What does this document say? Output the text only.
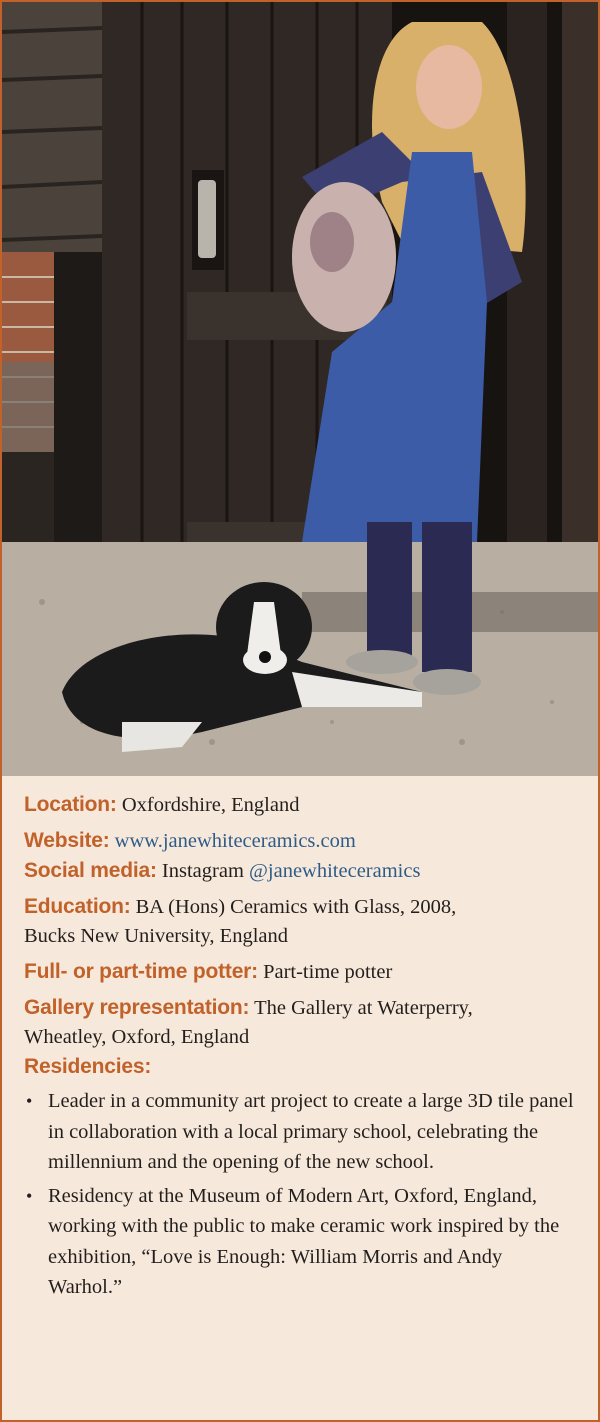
Location: Oxfordshire, England
Website: www.janewhiteceramics.com
Social media: Instagram @janewhiteceramics
Education: BA (Hons) Ceramics with Glass, 2008,
Bucks New University, England
Full- or part-time potter: Part-time potter
Gallery representation: The Gallery at Waterperry,
Wheatley, Oxford, England
Residencies:
• Leader in a community art project to create a large 3D tile panel in collaboration with a local primary school, celebrating the millennium and the opening of the new school.
• Residency at the Museum of Modern Art, Oxford, England, working with the public to make ceramic work inspired by the exhibition, “Love is Enough: William Morris and Andy Warhol.”
